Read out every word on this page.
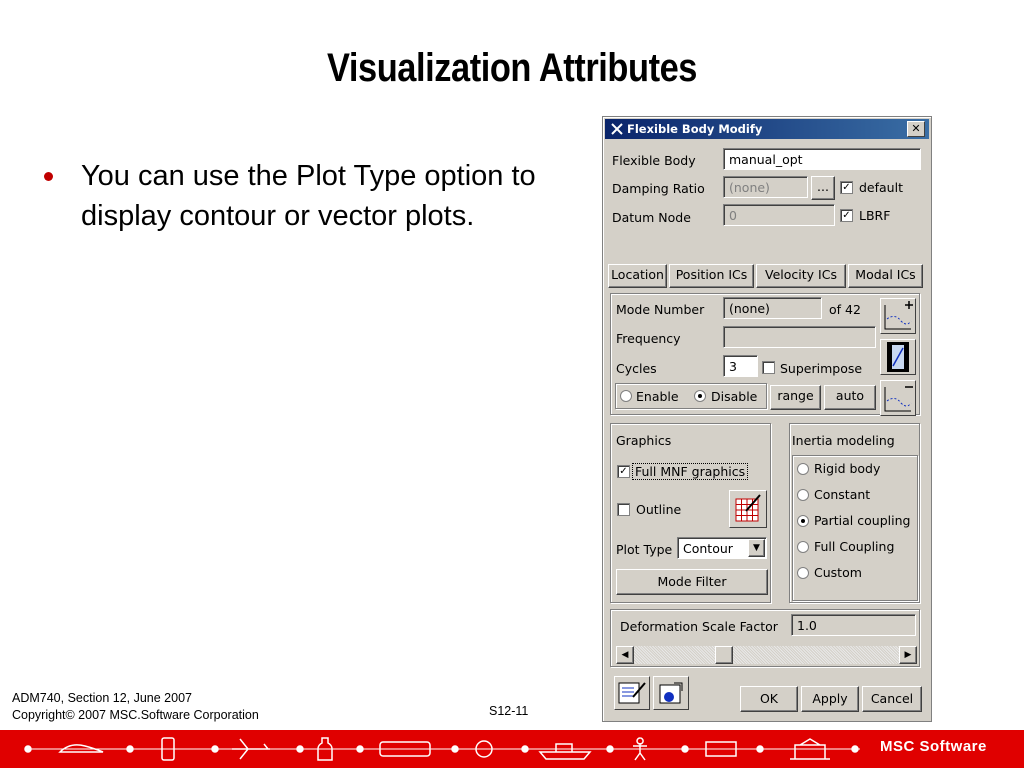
Visualization Attributes
You can use the Plot Type option to display contour or vector plots.
ADM740, Section 12, June 2007
Copyright© 2007 MSC.Software Corporation	S12-11
MSC Software
Flexible Body Modify	✕
Flexible Body	manual_opt
Damping Ratio	(none)	...	✓ default
Datum Node	0	✓ LBRF
Location Position ICs	Velocity ICs	Modal ICs
Mode Number	(none)	of 42
Frequency
Cycles	3	Superimpose
Enable	Disable	range	auto
Graphics
✓ Full MNF graphics
Outline
Plot Type Contour	▼
Mode Filter
Inertia modeling
Rigid body
Constant
Partial coupling
Full Coupling
Custom
Deformation Scale Factor	1.0
◀	▶
OK	Apply	Cancel
